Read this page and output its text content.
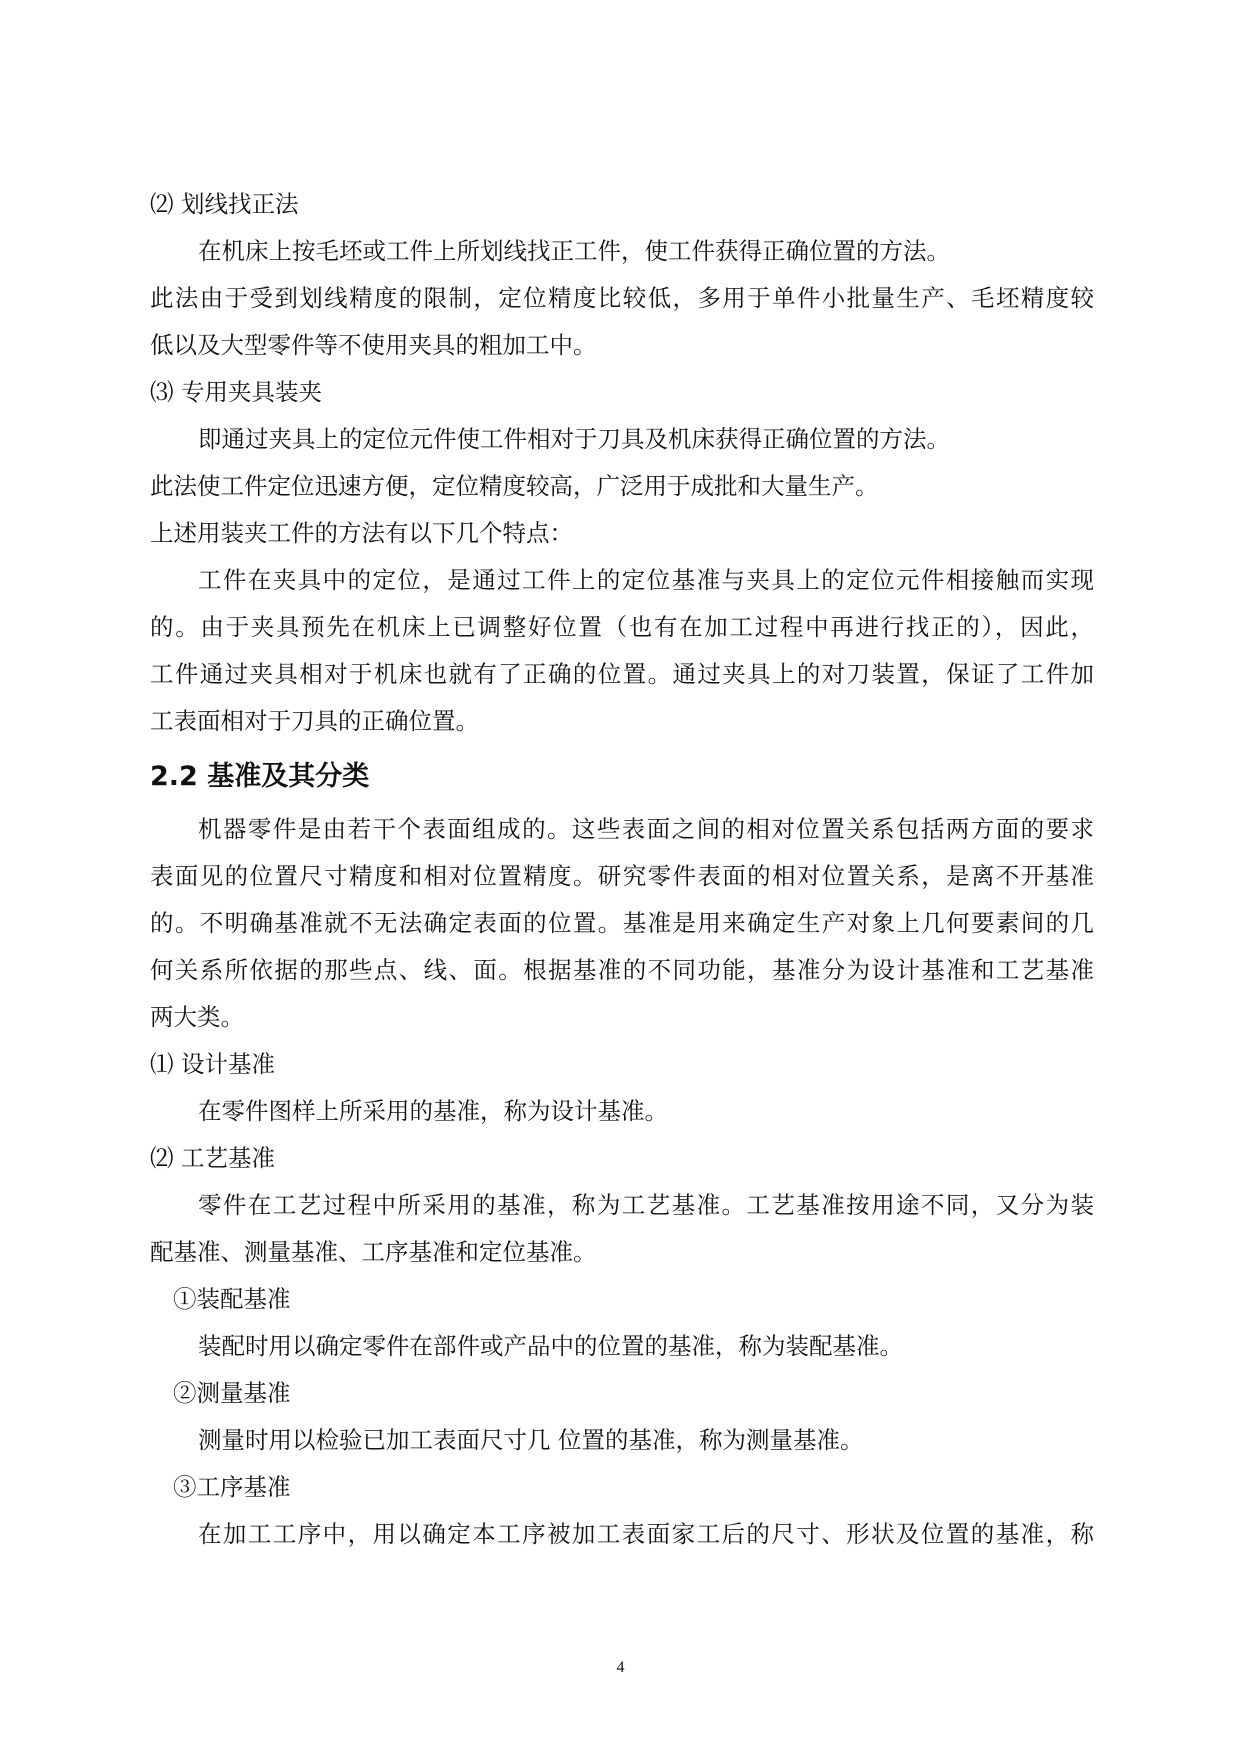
⑵ 划线找正法
在机床上按毛坯或工件上所划线找正工件，使工件获得正确位置的方法。
此法由于受到划线精度的限制，定位精度比较低，多用于单件小批量生产、毛坯精度较
低以及大型零件等不使用夹具的粗加工中。
⑶ 专用夹具装夹
即通过夹具上的定位元件使工件相对于刀具及机床获得正确位置的方法。
此法使工件定位迅速方便，定位精度较高，广泛用于成批和大量生产。
上述用装夹工件的方法有以下几个特点：
工件在夹具中的定位，是通过工件上的定位基准与夹具上的定位元件相接触而实现
的。由于夹具预先在机床上已调整好位置（也有在加工过程中再进行找正的），因此，
工件通过夹具相对于机床也就有了正确的位置。通过夹具上的对刀装置，保证了工件加
工表面相对于刀具的正确位置。
2.2 基准及其分类
机器零件是由若干个表面组成的。这些表面之间的相对位置关系包括两方面的要求
表面见的位置尺寸精度和相对位置精度。研究零件表面的相对位置关系，是离不开基准
的。不明确基准就不无法确定表面的位置。基准是用来确定生产对象上几何要素间的几
何关系所依据的那些点、线、面。根据基准的不同功能，基准分为设计基准和工艺基准
两大类。
⑴ 设计基准
在零件图样上所采用的基准，称为设计基准。
⑵ 工艺基准
零件在工艺过程中所采用的基准，称为工艺基准。工艺基准按用途不同，又分为装
配基准、测量基准、工序基准和定位基准。
①装配基准
装配时用以确定零件在部件或产品中的位置的基准，称为装配基准。
②测量基准
测量时用以检验已加工表面尺寸几 位置的基准，称为测量基准。
③工序基准
在加工工序中，用以确定本工序被加工表面家工后的尺寸、形状及位置的基准，称
4
